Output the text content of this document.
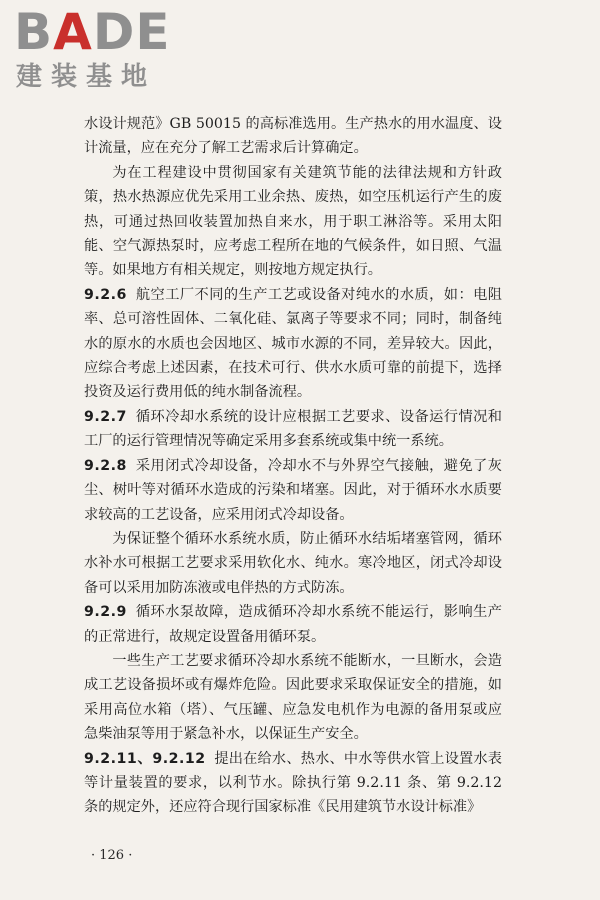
BADE
建装基地

水设计规范》GB 50015 的高标准选用。生产热水的用水温度、设计流量，应在充分了解工艺需求后计算确定。

为在工程建设中贯彻国家有关建筑节能的法律法规和方针政策，热水热源应优先采用工业余热、废热，如空压机运行产生的废热，可通过热回收装置加热自来水，用于职工淋浴等。采用太阳能、空气源热泵时，应考虑工程所在地的气候条件，如日照、气温等。如果地方有相关规定，则按地方规定执行。

9.2.6 航空工厂不同的生产工艺或设备对纯水的水质，如：电阻率、总可溶性固体、二氧化硅、氯离子等要求不同；同时，制备纯水的原水的水质也会因地区、城市水源的不同，差异较大。因此，应综合考虑上述因素，在技术可行、供水水质可靠的前提下，选择投资及运行费用低的纯水制备流程。

9.2.7 循环冷却水系统的设计应根据工艺要求、设备运行情况和工厂的运行管理情况等确定采用多套系统或集中统一系统。

9.2.8 采用闭式冷却设备，冷却水不与外界空气接触，避免了灰尘、树叶等对循环水造成的污染和堵塞。因此，对于循环水水质要求较高的工艺设备，应采用闭式冷却设备。

为保证整个循环水系统水质，防止循环水结垢堵塞管网，循环水补水可根据工艺要求采用软化水、纯水。寒冷地区，闭式冷却设备可以采用加防冻液或电伴热的方式防冻。

9.2.9 循环水泵故障，造成循环冷却水系统不能运行，影响生产的正常进行，故规定设置备用循环泵。

一些生产工艺要求循环冷却水系统不能断水，一旦断水，会造成工艺设备损坏或有爆炸危险。因此要求采取保证安全的措施，如采用高位水箱（塔）、气压罐、应急发电机作为电源的备用泵或应急柴油泵等用于紧急补水，以保证生产安全。

9.2.11、9.2.12 提出在给水、热水、中水等供水管上设置水表等计量装置的要求，以利节水。除执行第 9.2.11 条、第 9.2.12 条的规定外，还应符合现行国家标准《民用建筑节水设计标准》

· 126 ·
